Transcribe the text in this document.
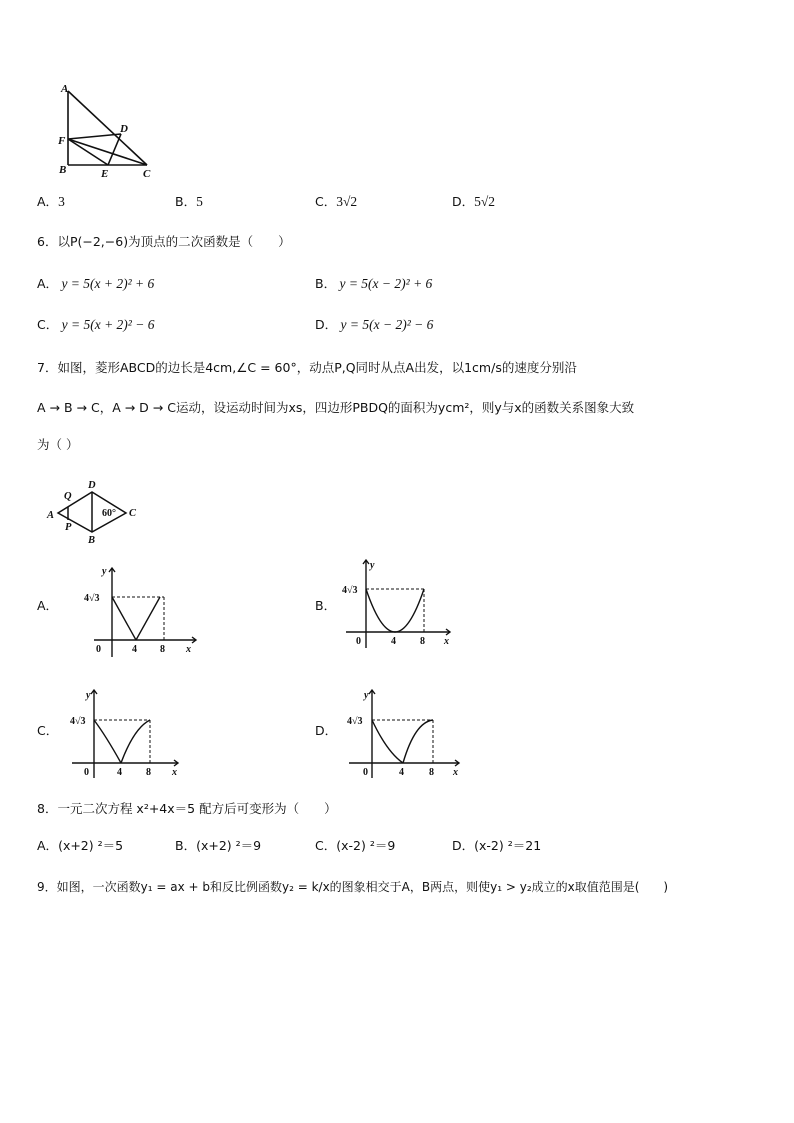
A
F
D
B	E	C
A．3	B．5	C．3√2	D．5√2
6．以P(−2,−6)为顶点的二次函数是（　　）
A． y = 5(x + 2)² + 6	B． y = 5(x − 2)² + 6
C． y = 5(x + 2)² − 6	D． y = 5(x − 2)² − 6
7．如图，菱形ABCD的边长是4cm,∠C = 60°，动点P,Q同时从点A出发，以1cm/s的速度分别沿
A → B → C，A → D → C运动，设运动时间为xs，四边形PBDQ的面积为ycm²，则y与x的函数关系图象大致
为（ ）
A
Q
D
P
B
C
60°
A．
y
4√3
0	4 8 x
B．
y
4√3
0	4 8 x
C．
y
4√3
0	4 8 x
D．
y
4√3
0	4	8 x
8．一元二次方程 x²+4x＝5 配方后可变形为（　　）
A．(x+2) ²＝5	B．(x+2) ²＝9	C．(x-2) ²＝9	D．(x-2) ²＝21
9．如图，一次函数y₁ = ax + b和反比例函数y₂ = k/x的图象相交于A，B两点，则使y₁ > y₂成立的x取值范围是(　　)
